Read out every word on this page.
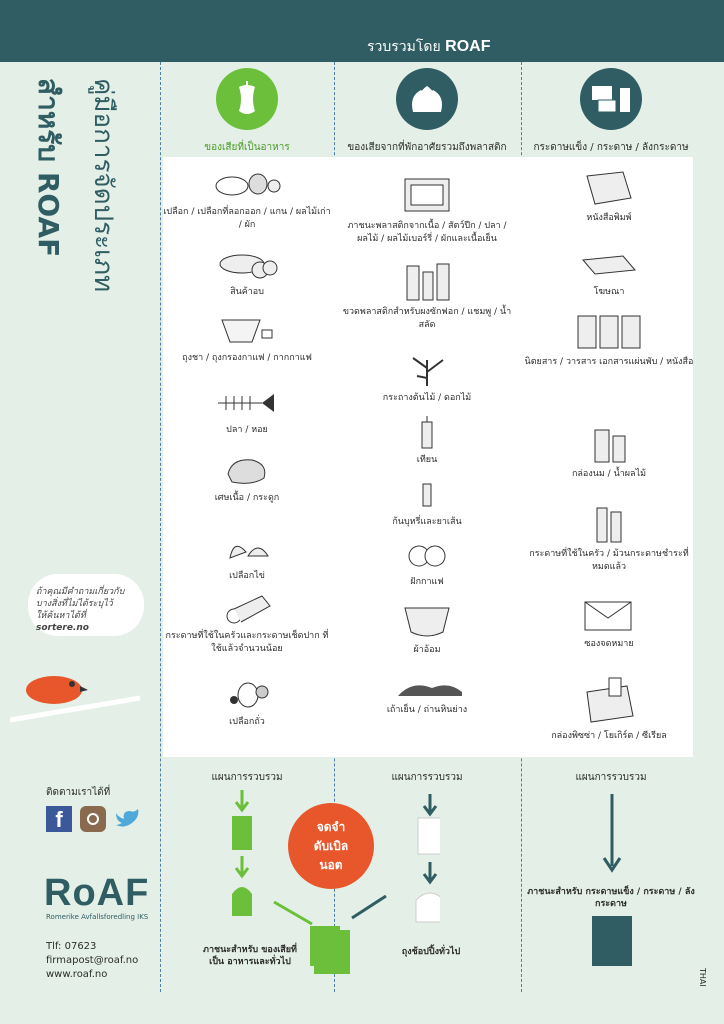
รวบรวมโดย ROAF
คู่มือการจัดประเภท
สำหรับ ROAF	ของเสียที่เป็นอาหาร	ของเสียจากที่พักอาศัยรวมถึงพลาสติก	กระดาษแข็ง / กระดาษ / ลังกระดาษ
เปลือก / เปลือกที่ลอกออก / แกน / ผลไม้เก่า / ผัก
สินค้าอบ
ถุงชา / ถุงกรองกาแฟ / กากกาแฟ
ปลา / หอย
เศษเนื้อ / กระดูก
เปลือกไข่
กระดาษที่ใช้ในครัวและกระดาษเช็ดปาก ที่ใช้แล้วจำนวนน้อย
เปลือกถั่ว
ภาชนะพลาสติกจากเนื้อ / สัตว์ปีก / ปลา / ผลไม้ / ผลไม้เบอร์รี่ / ผักและเนื้อเย็น
ขวดพลาสติกสำหรับผงซักฟอก / แชมพู / น้ำสลัด
กระถางต้นไม้ / ดอกไม้
เทียน
ก้นบุหรี่และยาเส้น
ฝักกาแฟ
ผ้าอ้อม
เถ้าเย็น / ถ่านหินย่าง
หนังสือพิมพ์
โฆษณา
นิตยสาร / วารสาร เอกสารแผ่นพับ / หนังสือ
กล่องนม / น้ำผลไม้
กระดาษที่ใช้ในครัว / ม้วนกระดาษชำระที่หมดแล้ว
ซองจดหมาย
กล่องพิซซ่า / โยเกิร์ต / ซีเรียล
ถ้าคุณมีคำถามเกี่ยวกับ
บางสิ่งที่ไม่ได้ระบุไว้
ให้ค้นหาได้ที่ sortere.no
ติดตามเราได้ที่
f
RoAF
Romerike Avfallsforedling IKS
Tlf: 07623
firmapost@roaf.no
www.roaf.no
แผนการรวบรวม	แผนการรวบรวม	แผนการรวบรวม
จดจำ
ดับเบิล
นอต
ภาชนะสำหรับ ของเสียที่เป็น อาหารและทั่วไป
ถุงช้อปปิ้งทั่วไป
ภาชนะสำหรับ กระดาษแข็ง / กระดาษ / ลังกระดาษ
THAI
